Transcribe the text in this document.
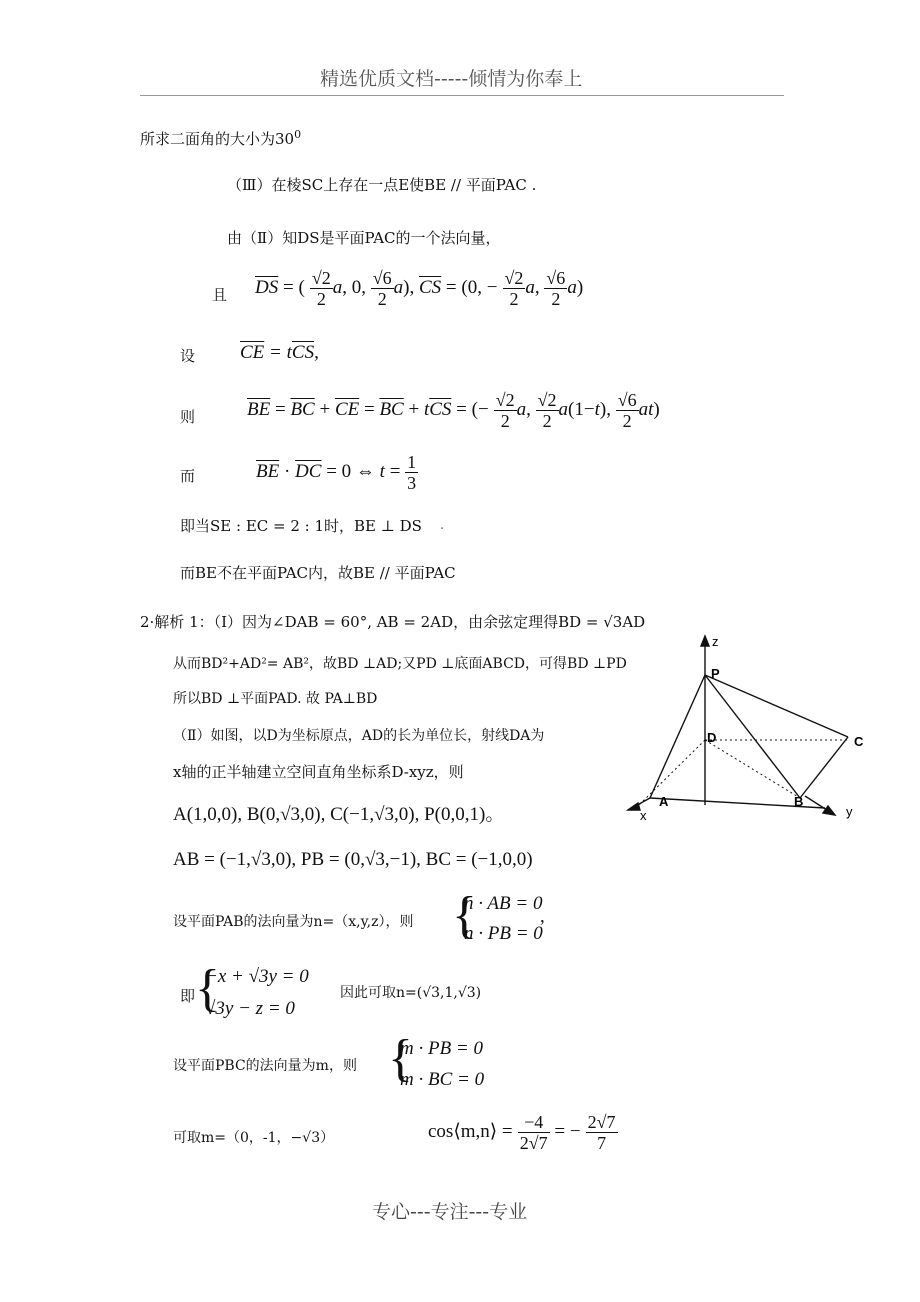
精选优质文档-----倾情为你奉上
所求二面角的大小为$30^0$
（Ⅲ）在棱SC上存在一点E使BE // 平面PAC .
由（Ⅱ）知DS是平面PAC的一个法向量，
且 $\overline{DS}$ = ( $\frac{√2}{2} a$, 0, $\frac{√6}{2} a$), $\overline{CS} = (0$, − $\frac{√2}{2} a$, $\frac{√6}{2} a$)
设 $\overline{CE} = t\overline{CS}$,
则	$\overline{BE} = \overline{BC} + \overline{CE} = \overline{BC} + t\overline{CS}$ = (− $\frac{√2}{2} a$, $\frac{√2}{2} a(1-t)$, $\frac{√6}{2} at$)
而	$\overline{BE} \cdot \overline{DC} = 0$ ⇔ $t = \frac{1}{3}$
即当SE : EC = 2 : 1时，BE ⊥ DS .
而BE不在平面PAC内，故BE // 平面PAC
2·解析 1：（Ⅰ）因为∠DAB = 60°, AB = 2AD，由余弦定理得BD = √3AD
从而BD²+AD²= AB²，故BD ⊥AD;又PD ⊥底面ABCD，可得BD ⊥PD
所以BD ⊥平面PAD. 故 PA⊥BD
（Ⅱ）如图，以D为坐标原点，AD的长为单位长，射线DA为
x轴的正半轴建立空间直角坐标系D-xyz，则
A(1,0,0), B(0,√3,0), C(−1,√3,0), P(0,0,1)。
AB = (−1,√3,0), PB = (0,√3,−1), BC = (−1,0,0)
设平面PAB的法向量为n=（x,y,z），则 {
n · AB = 0
n · PB = 0
,
即 {
−x + √3y = 0
√3y − z = 0
因此可取n=(√3,1,√3)
设平面PBC的法向量为m，则 {
m · PB = 0
m · BC = 0
可取m=（0，-1，−√3）	cos⟨m,n⟩ = $\frac{-4}{2√7}$ = − $\frac{2√7}{7}$
z
P
D	C
A	B
x	y
专心---专注---专业
